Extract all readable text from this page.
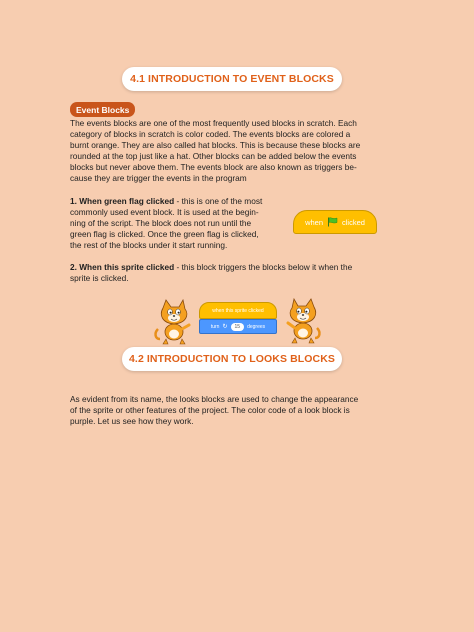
4.1 INTRODUCTION TO EVENT BLOCKS
Event Blocks
The events blocks are one of the most frequently used blocks in scratch. Each
category of blocks in scratch is color coded. The events blocks are colored a
burnt orange. They are also called hat blocks. This is because these blocks are
rounded at the top just like a hat. Other blocks can be added below the events
blocks but never above them. The events block are also known as triggers be-
cause they are trigger the events in the program
1. When green flag clicked - this is one of the most
commonly used event block. It is used at the begin-
ning of the script. The block does not run until the
green flag is clicked. Once the green flag is clicked,
the rest of the blocks under it start running.
when	clicked
2. When this sprite clicked - this block triggers the blocks below it when the
sprite is clicked.
when this sprite clicked
turn ↻	15	degrees
4.2 INTRODUCTION TO LOOKS BLOCKS
As evident from its name, the looks blocks are used to change the appearance
of the sprite or other features of the project. The color code of a look block is
purple. Let us see how they work.
